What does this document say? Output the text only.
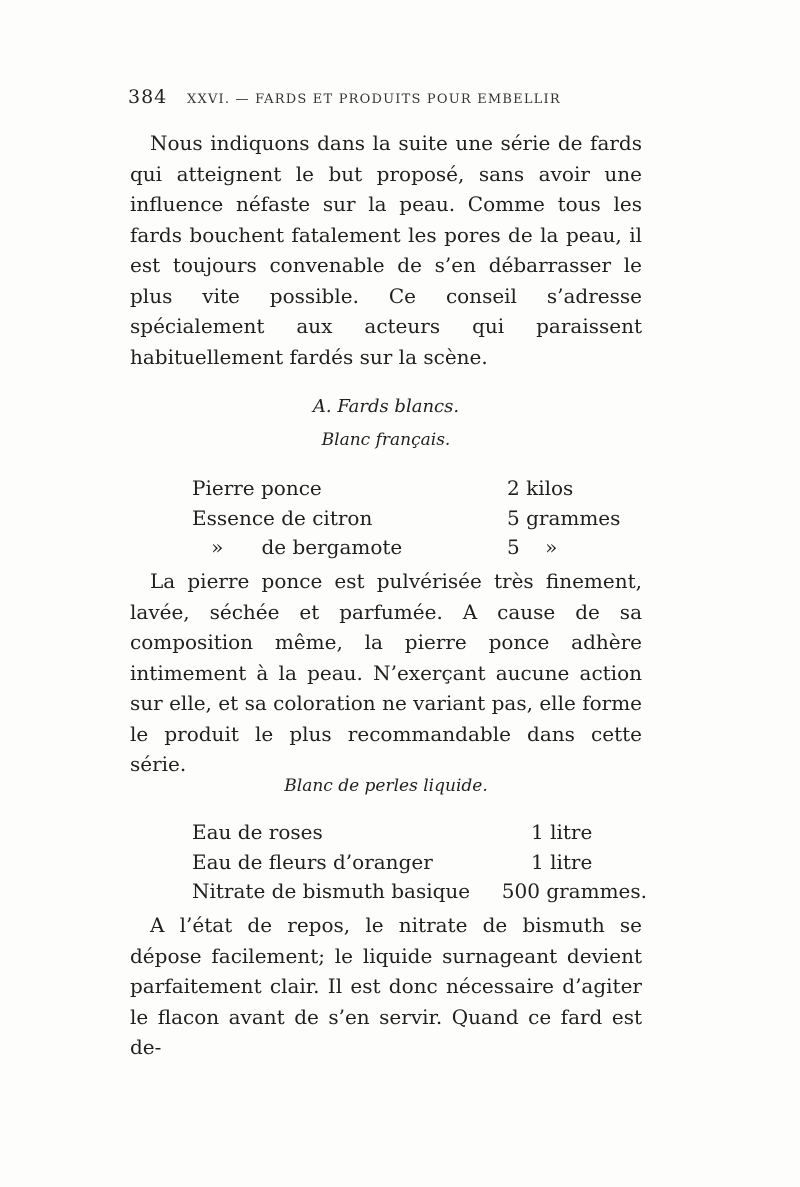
384 XXVI. — FARDS ET PRODUITS POUR EMBELLIR

Nous indiquons dans la suite une série de fards qui atteignent le but proposé, sans avoir une influence néfaste sur la peau. Comme tous les fards bouchent fatalement les pores de la peau, il est toujours convenable de s’en débarrasser le plus vite possible. Ce conseil s’adresse spécialement aux acteurs qui paraissent habituellement fardés sur la scène.

A. Fards blancs.

Blanc français.

Pierre ponce	2 kilos
Essence de citron	5 grammes
»      de bergamote	5    »

La pierre ponce est pulvérisée très finement, lavée, séchée et parfumée. A cause de sa composition même, la pierre ponce adhère intimement à la peau. N’exerçant aucune action sur elle, et sa coloration ne variant pas, elle forme le produit le plus recommandable dans cette série.

Blanc de perles liquide.

Eau de roses	1 litre
Eau de fleurs d’oranger	1 litre
Nitrate de bismuth basique 500 grammes.

A l’état de repos, le nitrate de bismuth se dépose facilement; le liquide surnageant devient parfaitement clair. Il est donc nécessaire d’agiter le flacon avant de s’en servir. Quand ce fard est de-
